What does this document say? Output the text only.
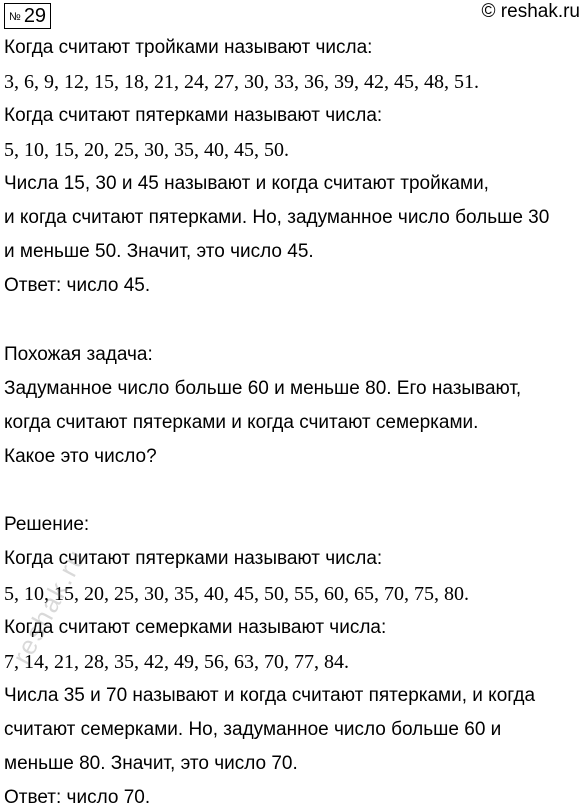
№ 29	© reshak.ru
Когда считают тройками называют числа:
3, 6, 9, 12, 15, 18, 21, 24, 27, 30, 33, 36, 39, 42, 45, 48, 51.
Когда считают пятерками называют числа:
5, 10, 15, 20, 25, 30, 35, 40, 45, 50.
Числа 15, 30 и 45 называют и когда считают тройками,
и когда считают пятерками. Но, задуманное число больше 30
и меньше 50. Значит, это число 45.
Ответ: число 45.
Похожая задача:
Задуманное число больше 60 и меньше 80. Его называют,
когда считают пятерками и когда считают семерками.
Какое это число?
Решение:
Когда считают пятерками называют числа:
5, 10, 15, 20, 25, 30, 35, 40, 45, 50, 55, 60, 65, 70, 75, 80.
Когда считают семерками называют числа:
7, 14, 21, 28, 35, 42, 49, 56, 63, 70, 77, 84.
Числа 35 и 70 называют и когда считают пятерками, и когда
считают семерками. Но, задуманное число больше 60 и
меньше 80. Значит, это число 70.
Ответ: число 70.
reshak.ru
